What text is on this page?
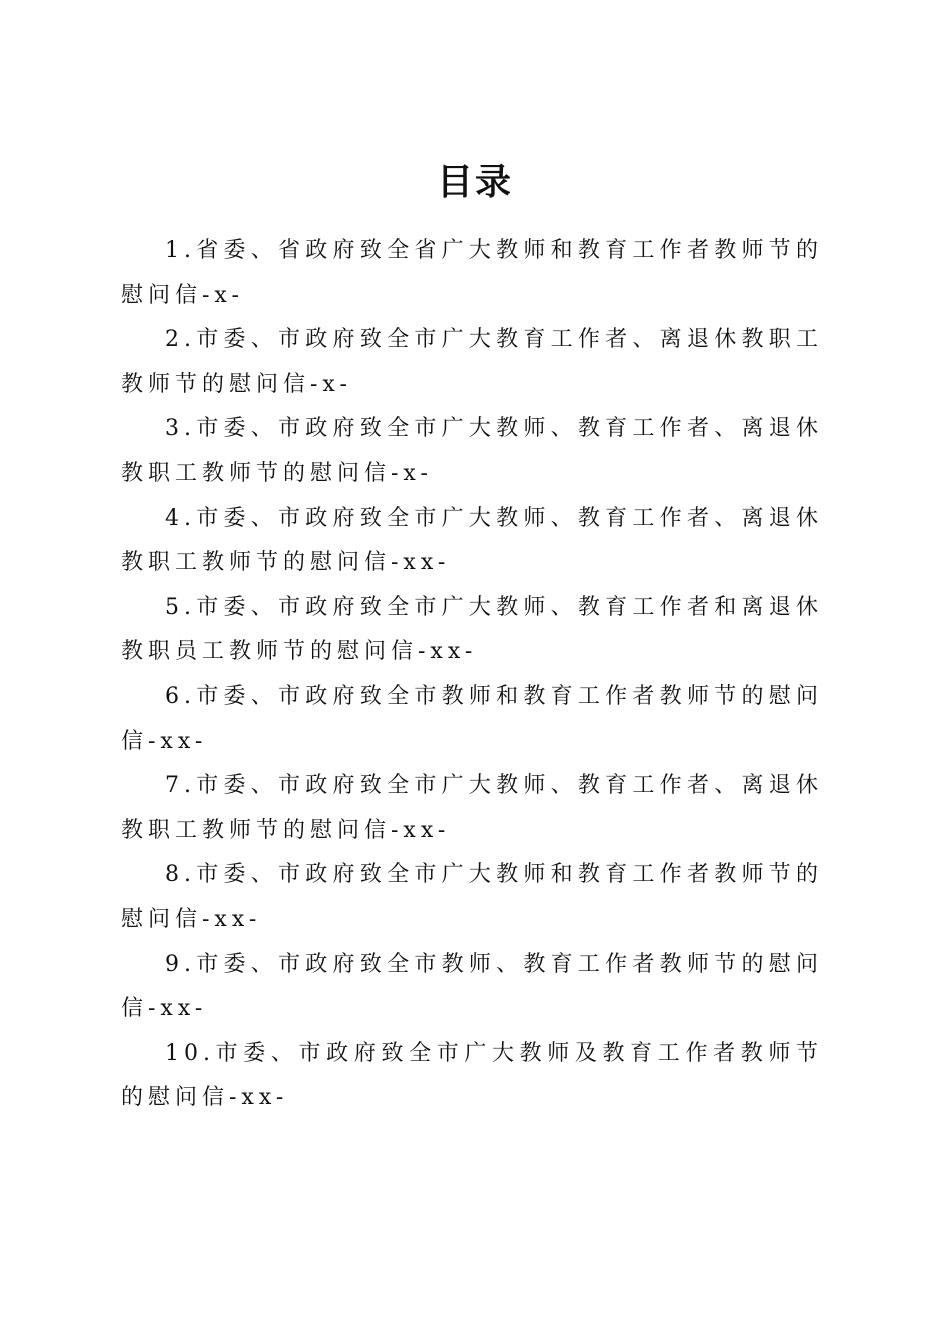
目录

1.省委、省政府致全省广大教师和教育工作者教师节的慰问信-x-

2.市委、市政府致全市广大教育工作者、离退休教职工教师节的慰问信-x-

3.市委、市政府致全市广大教师、教育工作者、离退休教职工教师节的慰问信-x-

4.市委、市政府致全市广大教师、教育工作者、离退休教职工教师节的慰问信-xx-

5.市委、市政府致全市广大教师、教育工作者和离退休教职员工教师节的慰问信-xx-

6.市委、市政府致全市教师和教育工作者教师节的慰问信-xx-

7.市委、市政府致全市广大教师、教育工作者、离退休教职工教师节的慰问信-xx-

8.市委、市政府致全市广大教师和教育工作者教师节的慰问信-xx-

9.市委、市政府致全市教师、教育工作者教师节的慰问信-xx-

10.市委、市政府致全市广大教师及教育工作者教师节的慰问信-xx-
